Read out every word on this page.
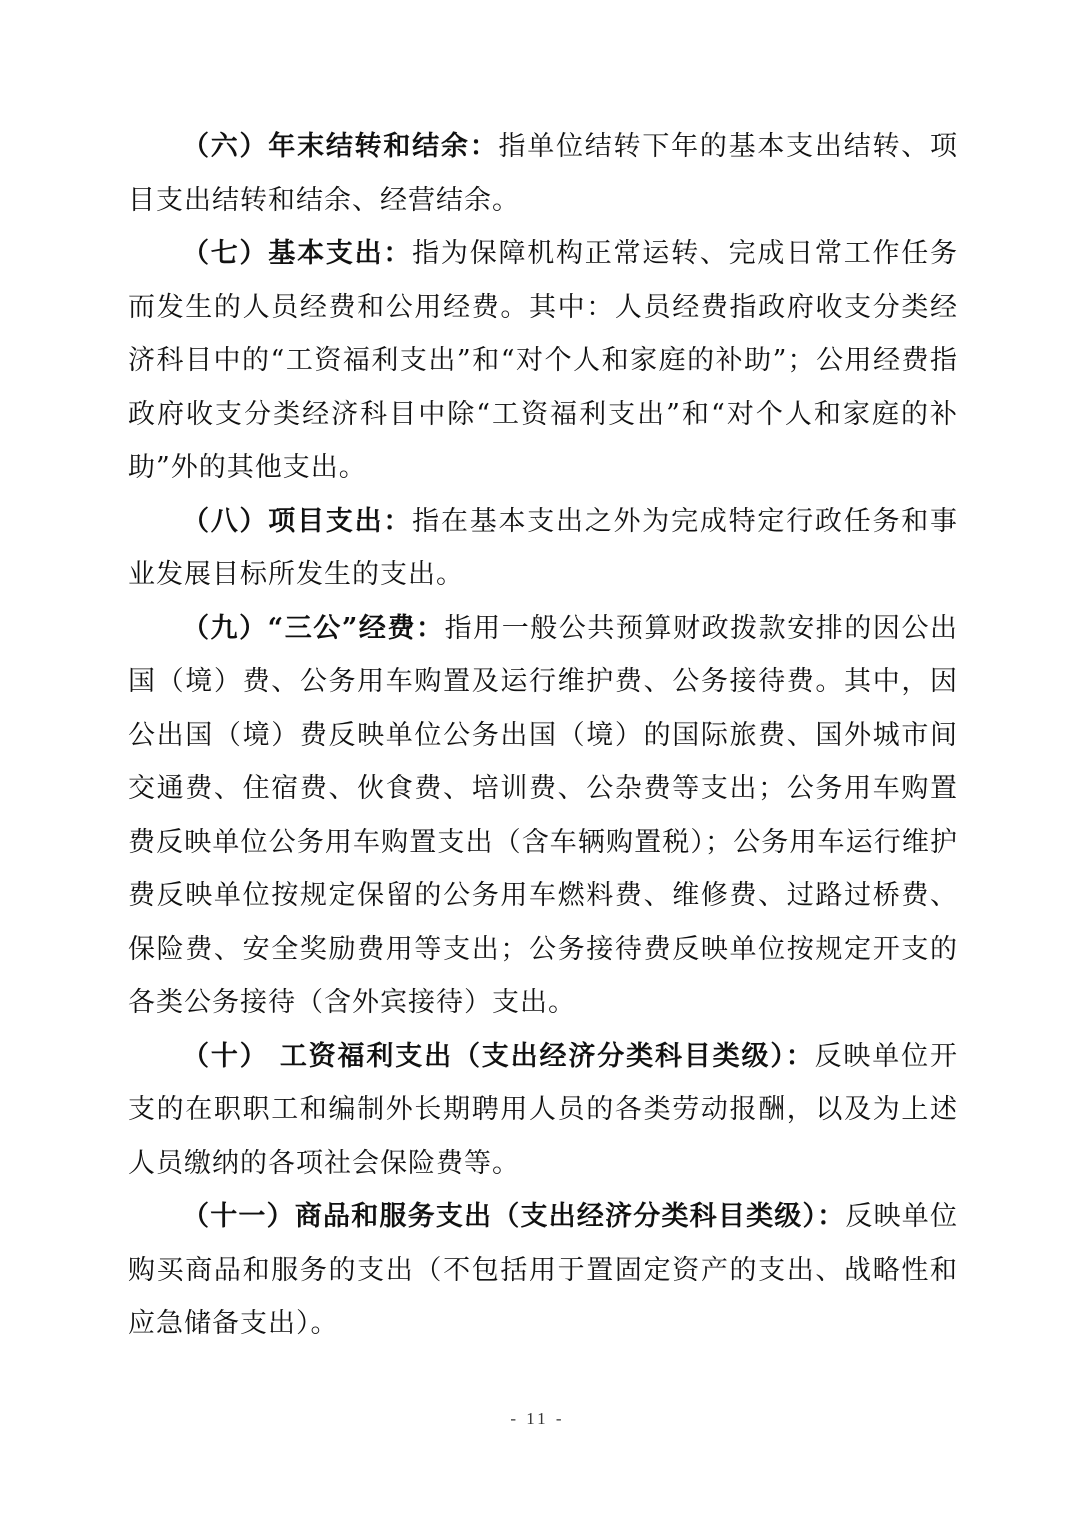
（六）年末结转和结余：指单位结转下年的基本支出结转、项目支出结转和结余、经营结余。

（七）基本支出：指为保障机构正常运转、完成日常工作任务而发生的人员经费和公用经费。其中：人员经费指政府收支分类经济科目中的“工资福利支出”和“对个人和家庭的补助”；公用经费指政府收支分类经济科目中除“工资福利支出”和“对个人和家庭的补助”外的其他支出。

（八）项目支出：指在基本支出之外为完成特定行政任务和事业发展目标所发生的支出。

（九）“三公”经费：指用一般公共预算财政拨款安排的因公出国（境）费、公务用车购置及运行维护费、公务接待费。其中，因公出国（境）费反映单位公务出国（境）的国际旅费、国外城市间交通费、住宿费、伙食费、培训费、公杂费等支出；公务用车购置费反映单位公务用车购置支出（含车辆购置税）；公务用车运行维护费反映单位按规定保留的公务用车燃料费、维修费、过路过桥费、保险费、安全奖励费用等支出；公务接待费反映单位按规定开支的各类公务接待（含外宾接待）支出。

（十） 工资福利支出（支出经济分类科目类级）：反映单位开支的在职职工和编制外长期聘用人员的各类劳动报酬，以及为上述人员缴纳的各项社会保险费等。

（十一）商品和服务支出（支出经济分类科目类级）：反映单位购买商品和服务的支出（不包括用于置固定资产的支出、战略性和应急储备支出）。

- 11 -
